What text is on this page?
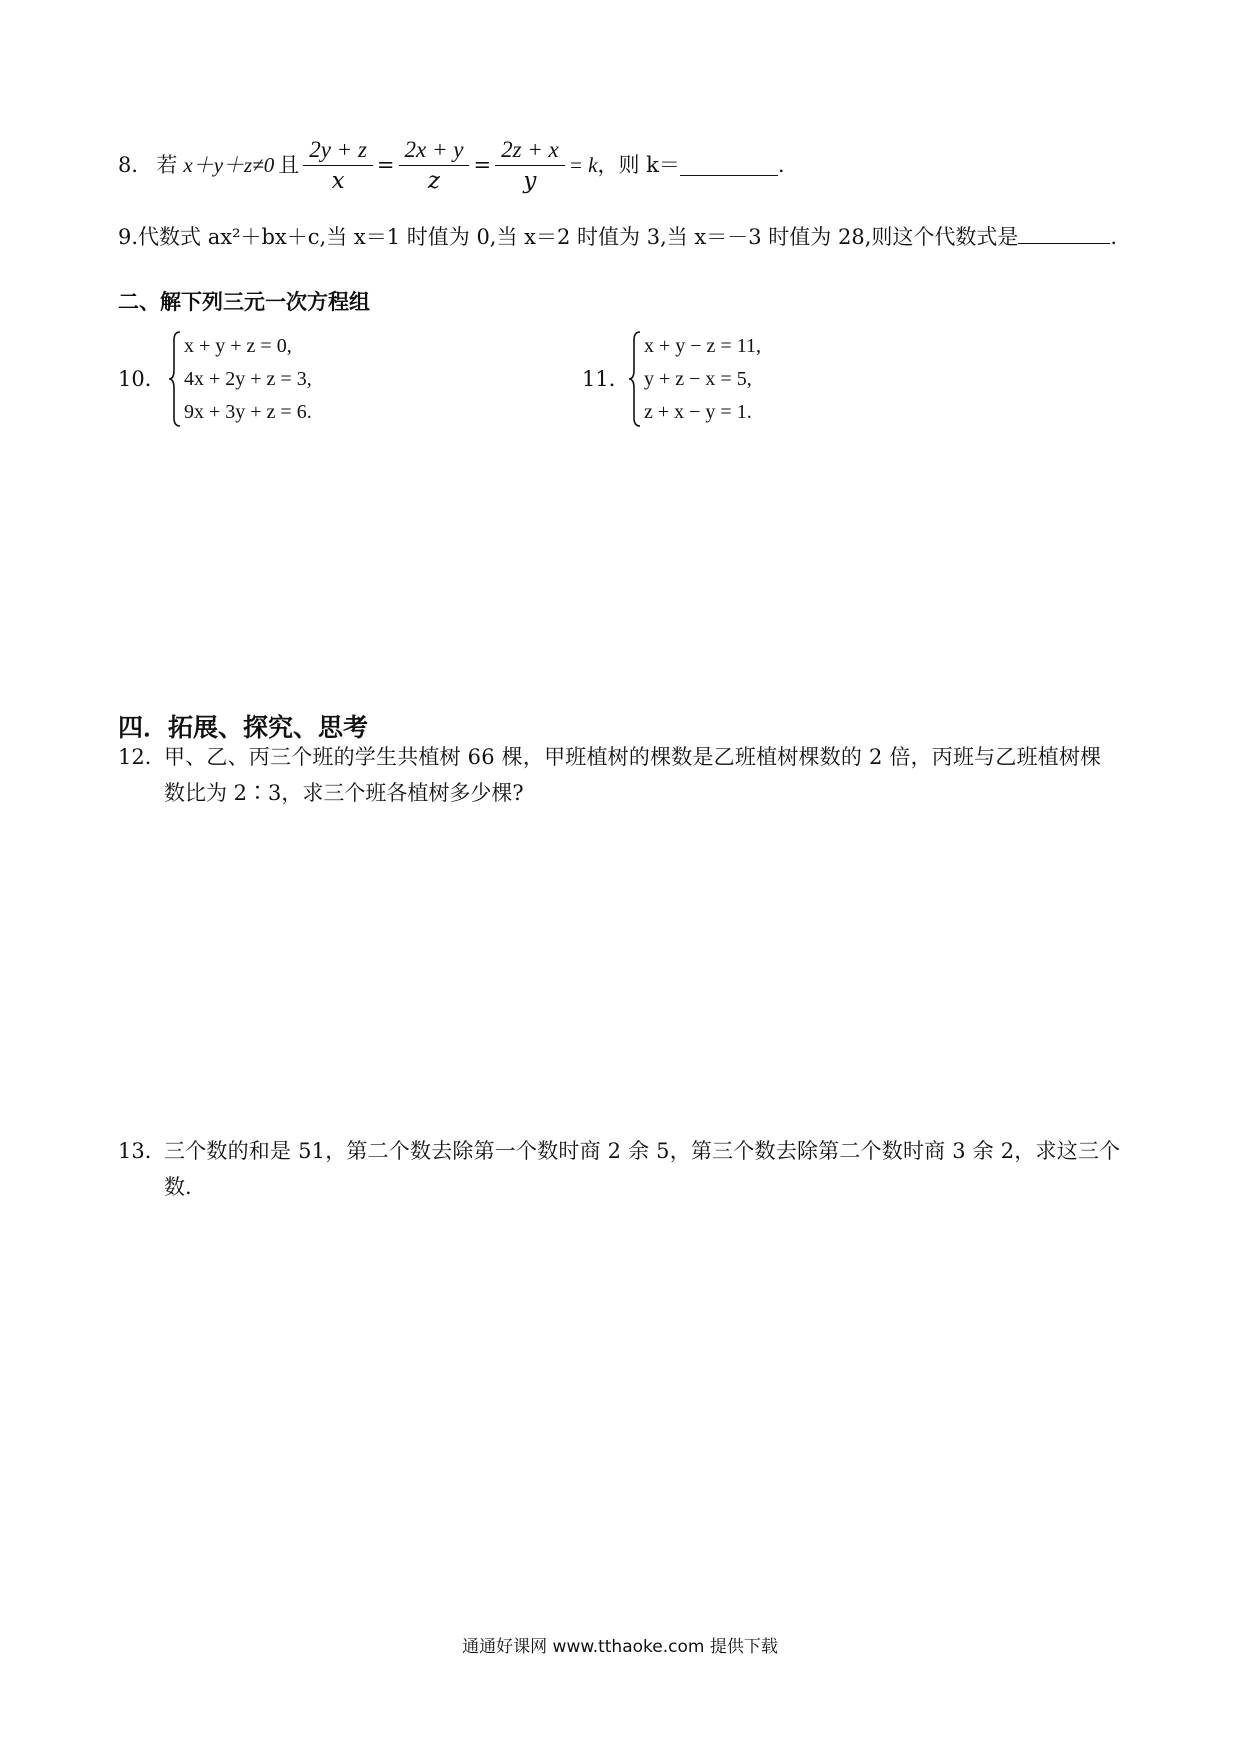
8． 若 x＋y＋z≠0 且 $\frac{2y + z}{x} = \frac{2x + y}{z} = \frac{2z + x}{y} = k$ ，则 k＝	.
9.代数式 ax²＋bx＋c,当 x＝1 时值为 0,当 x＝2 时值为 3,当 x＝－3 时值为 28,则这个代数式是	.
二、解下列三元一次方程组
10．
x + y + z = 0,
4x + 2y + z = 3,
9x + 3y + z = 6.
11．
x + y − z = 11,
y + z − x = 5,
z + x − y = 1.
四．拓展、探究、思考
12．
甲、乙、丙三个班的学生共植树 66 棵，甲班植树的棵数是乙班植树棵数的 2 倍，丙班与乙班植树棵
数比为 2∶3，求三个班各植树多少棵?
13．
三个数的和是 51，第二个数去除第一个数时商 2 余 5，第三个数去除第二个数时商 3 余 2，求这三个
数.
通通好课网 www.tthaoke.com 提供下载
